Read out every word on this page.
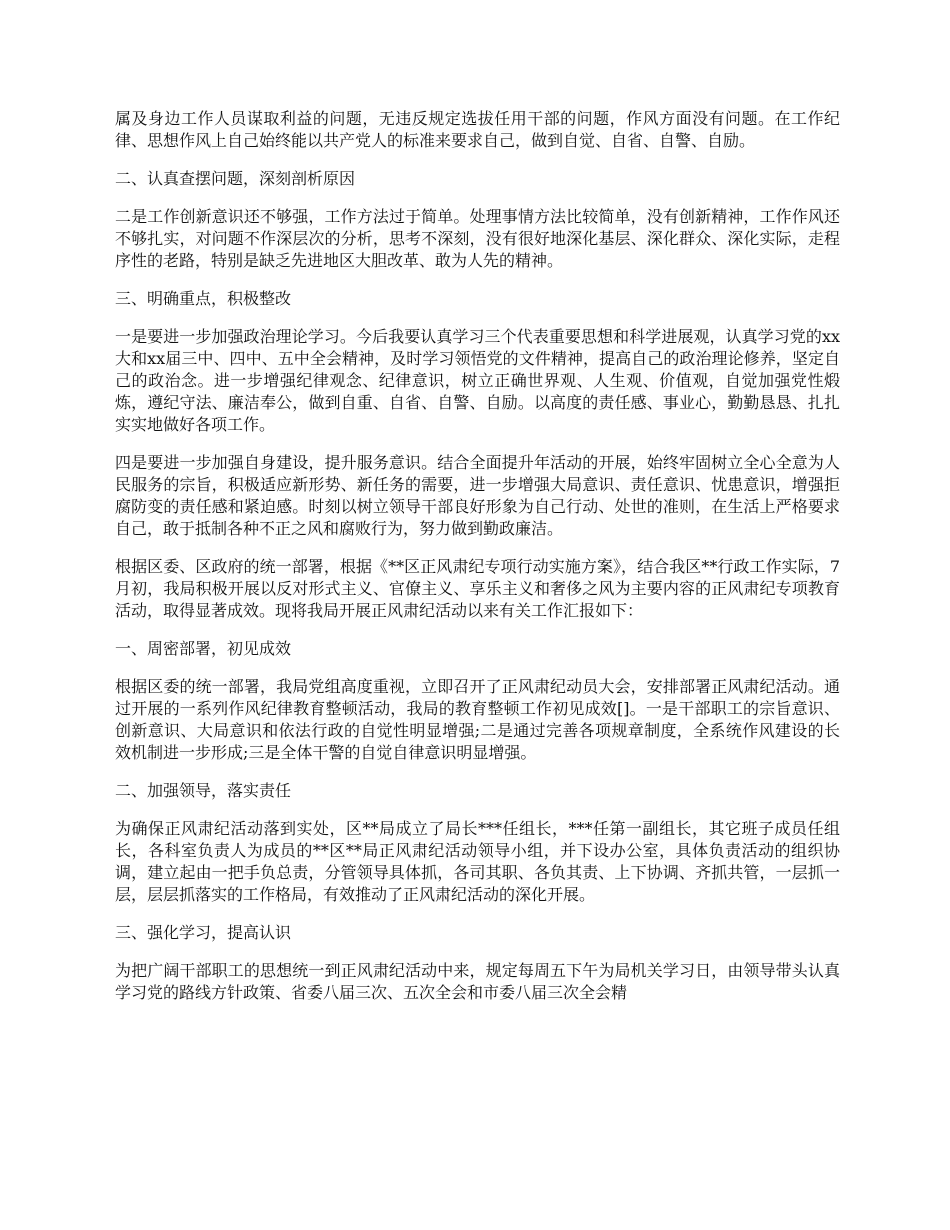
属及身边工作人员谋取利益的问题，无违反规定选拔任用干部的问题，作风方面没有问题。在工作纪律、思想作风上自己始终能以共产党人的标准来要求自己，做到自觉、自省、自警、自励。

二、认真查摆问题，深刻剖析原因

二是工作创新意识还不够强，工作方法过于简单。处理事情方法比较简单，没有创新精神，工作作风还不够扎实，对问题不作深层次的分析，思考不深刻，没有很好地深化基层、深化群众、深化实际，走程序性的老路，特别是缺乏先进地区大胆改革、敢为人先的精神。

三、明确重点，积极整改

一是要进一步加强政治理论学习。今后我要认真学习三个代表重要思想和科学进展观，认真学习党的xx大和xx届三中、四中、五中全会精神，及时学习领悟党的文件精神，提高自己的政治理论修养，坚定自己的政治念。进一步增强纪律观念、纪律意识，树立正确世界观、人生观、价值观，自觉加强党性煅炼，遵纪守法、廉洁奉公，做到自重、自省、自警、自励。以高度的责任感、事业心，勤勤恳恳、扎扎实实地做好各项工作。

四是要进一步加强自身建设，提升服务意识。结合全面提升年活动的开展，始终牢固树立全心全意为人民服务的宗旨，积极适应新形势、新任务的需要，进一步增强大局意识、责任意识、忧患意识，增强拒腐防变的责任感和紧迫感。时刻以树立领导干部良好形象为自己行动、处世的准则，在生活上严格要求自己，敢于抵制各种不正之风和腐败行为，努力做到勤政廉洁。

根据区委、区政府的统一部署，根据《**区正风肃纪专项行动实施方案》，结合我区**行政工作实际，7月初，我局积极开展以反对形式主义、官僚主义、享乐主义和奢侈之风为主要内容的正风肃纪专项教育活动，取得显著成效。现将我局开展正风肃纪活动以来有关工作汇报如下：

一、周密部署，初见成效

根据区委的统一部署，我局党组高度重视，立即召开了正风肃纪动员大会，安排部署正风肃纪活动。通过开展的一系列作风纪律教育整顿活动，我局的教育整顿工作初见成效[]。一是干部职工的宗旨意识、创新意识、大局意识和依法行政的自觉性明显增强;二是通过完善各项规章制度，全系统作风建设的长效机制进一步形成;三是全体干警的自觉自律意识明显增强。

二、加强领导，落实责任

为确保正风肃纪活动落到实处，区**局成立了局长***任组长，***任第一副组长，其它班子成员任组长，各科室负责人为成员的**区**局正风肃纪活动领导小组，并下设办公室，具体负责活动的组织协调，建立起由一把手负总责，分管领导具体抓，各司其职、各负其责、上下协调、齐抓共管，一层抓一层，层层抓落实的工作格局，有效推动了正风肃纪活动的深化开展。

三、强化学习，提高认识

为把广阔干部职工的思想统一到正风肃纪活动中来，规定每周五下午为局机关学习日，由领导带头认真学习党的路线方针政策、省委八届三次、五次全会和市委八届三次全会精
